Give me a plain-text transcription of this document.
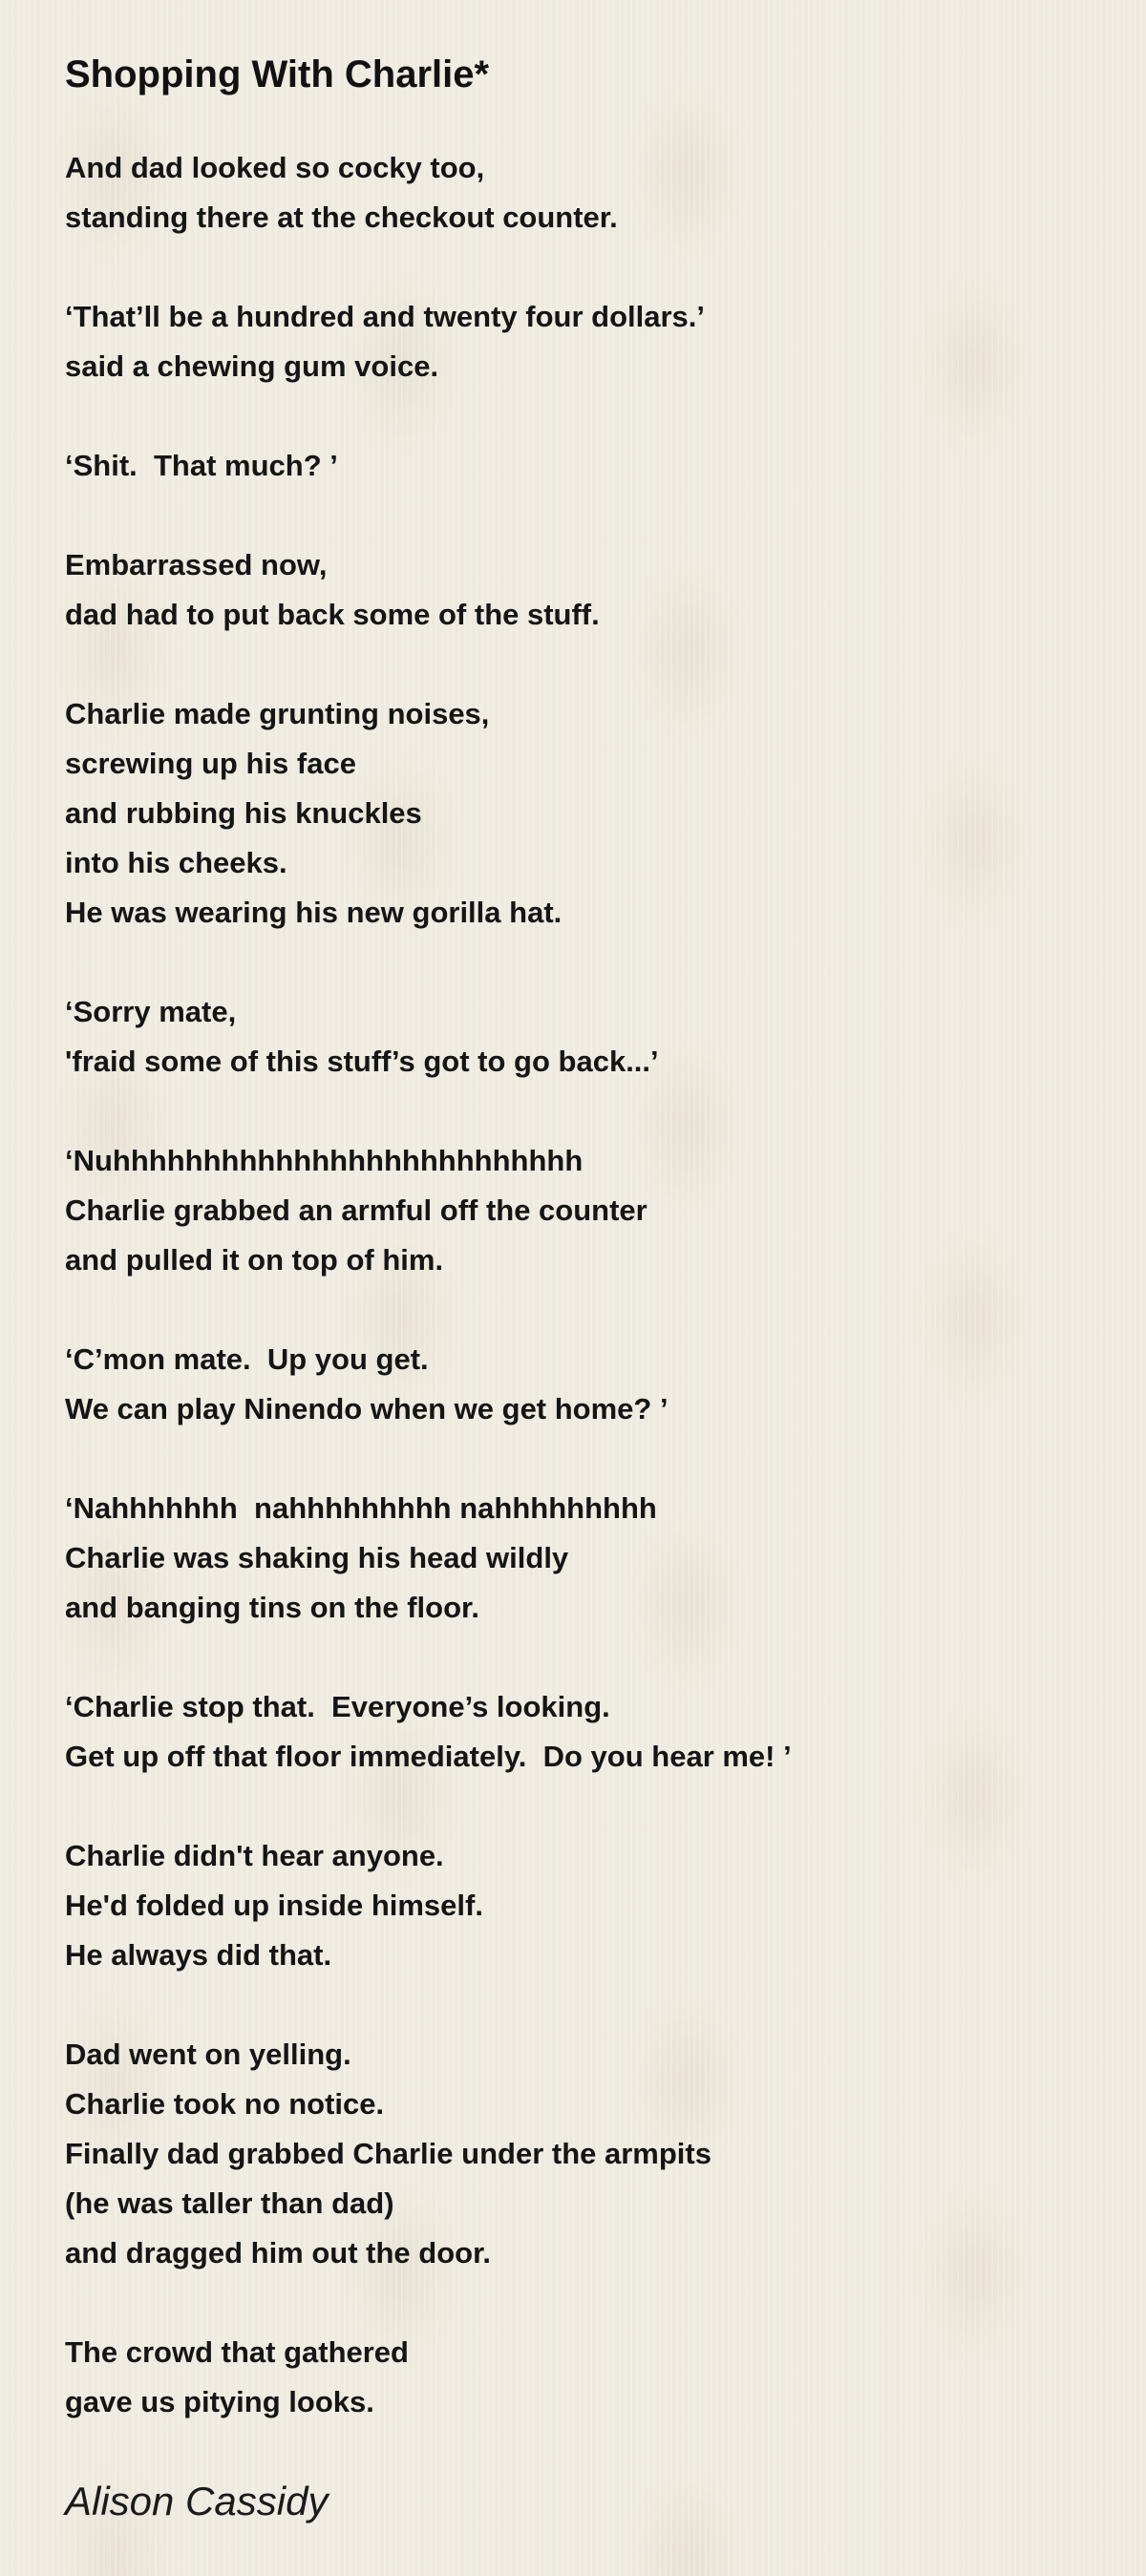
Shopping With Charlie*
And dad looked so cocky too,
standing there at the checkout counter.
‘That’ll be a hundred and twenty four dollars.’
said a chewing gum voice.
‘Shit.  That much? ’
Embarrassed now,
dad had to put back some of the stuff.
Charlie made grunting noises,
screwing up his face
and rubbing his knuckles
into his cheeks.
He was wearing his new gorilla hat.
‘Sorry mate,
'fraid some of this stuff’s got to go back...’
‘Nuhhhhhhhhhhhhhhhhhhhhhhhhhh
Charlie grabbed an armful off the counter
and pulled it on top of him.
‘C’mon mate.  Up you get.
We can play Ninendo when we get home? ’
‘Nahhhhhhh  nahhhhhhhhh nahhhhhhhhh
Charlie was shaking his head wildly
and banging tins on the floor.
‘Charlie stop that.  Everyone’s looking.
Get up off that floor immediately.  Do you hear me! ’
Charlie didn't hear anyone.
He'd folded up inside himself.
He always did that.
Dad went on yelling.
Charlie took no notice.
Finally dad grabbed Charlie under the armpits
(he was taller than dad)
and dragged him out the door.
The crowd that gathered
gave us pitying looks.
Alison Cassidy
